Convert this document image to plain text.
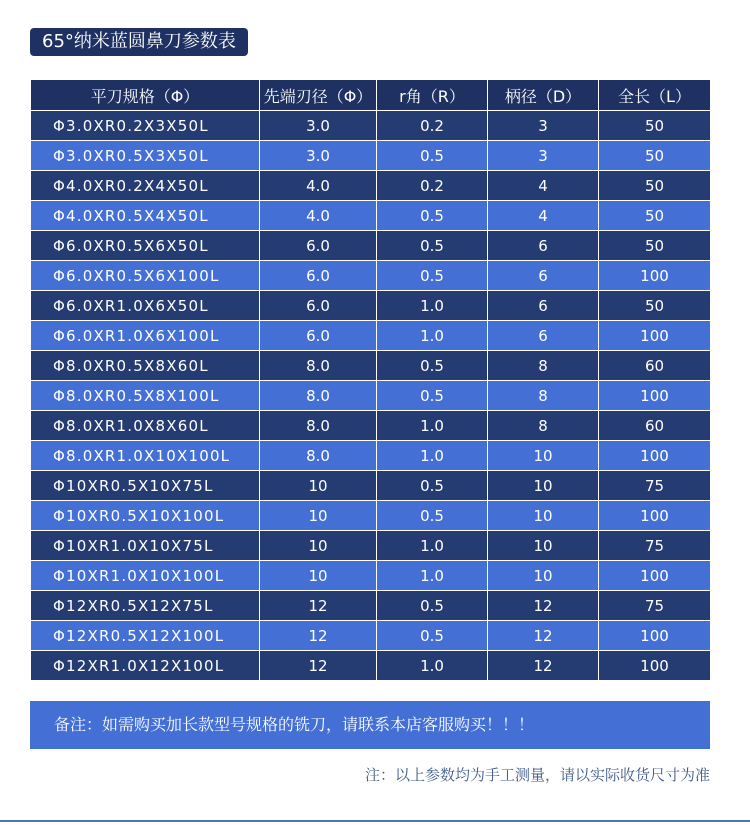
65°纳米蓝圆鼻刀参数表
平刀规格（Φ）	先端刃径（Φ）	r角（R）	柄径（D）	全长（L）
Φ3.0XR0.2X3X50L	3.0	0.2	3	50
Φ3.0XR0.5X3X50L	3.0	0.5	3	50
Φ4.0XR0.2X4X50L	4.0	0.2	4	50
Φ4.0XR0.5X4X50L	4.0	0.5	4	50
Φ6.0XR0.5X6X50L	6.0	0.5	6	50
Φ6.0XR0.5X6X100L	6.0	0.5	6	100
Φ6.0XR1.0X6X50L	6.0	1.0	6	50
Φ6.0XR1.0X6X100L	6.0	1.0	6	100
Φ8.0XR0.5X8X60L	8.0	0.5	8	60
Φ8.0XR0.5X8X100L	8.0	0.5	8	100
Φ8.0XR1.0X8X60L	8.0	1.0	8	60
Φ8.0XR1.0X10X100L	8.0	1.0	10	100
Φ10XR0.5X10X75L	10	0.5	10	75
Φ10XR0.5X10X100L	10	0.5	10	100
Φ10XR1.0X10X75L	10	1.0	10	75
Φ10XR1.0X10X100L	10	1.0	10	100
Φ12XR0.5X12X75L	12	0.5	12	75
Φ12XR0.5X12X100L	12	0.5	12	100
Φ12XR1.0X12X100L	12	1.0	12	100
备注：如需购买加长款型号规格的铣刀，请联系本店客服购买！！！
注：以上参数均为手工测量，请以实际收货尺寸为准
